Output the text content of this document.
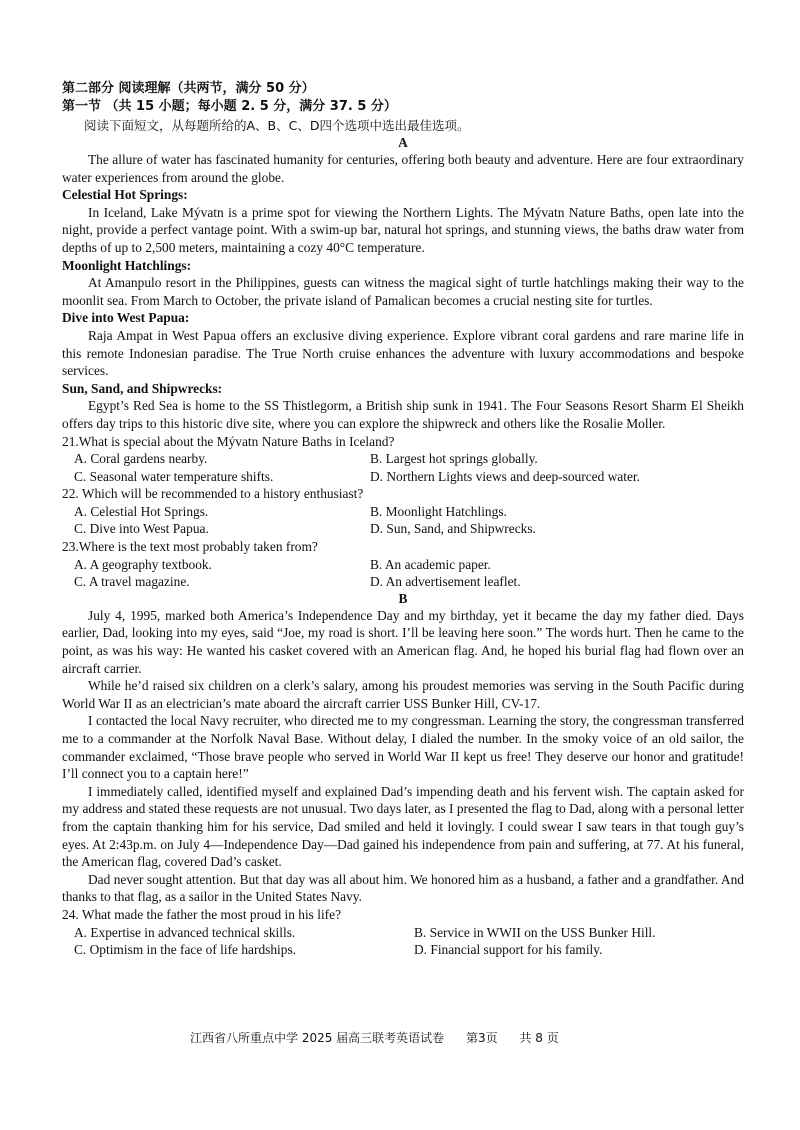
第二部分 阅读理解（共两节，满分 50 分）
第一节 （共 15 小题；每小题 2. 5 分，满分 37. 5 分）
阅读下面短文，从每题所给的A、B、C、D四个选项中选出最佳选项。
A

The allure of water has fascinated humanity for centuries, offering both beauty and adventure. Here are four extraordinary water experiences from around the globe.

Celestial Hot Springs:

In Iceland, Lake Mývatn is a prime spot for viewing the Northern Lights. The Mývatn Nature Baths, open late into the night, provide a perfect vantage point. With a swim-up bar, natural hot springs, and stunning views, the baths draw water from depths of up to 2,500 meters, maintaining a cozy 40°C temperature.

Moonlight Hatchlings:

At Amanpulo resort in the Philippines, guests can witness the magical sight of turtle hatchlings making their way to the moonlit sea. From March to October, the private island of Pamalican becomes a crucial nesting site for turtles.

Dive into West Papua:

Raja Ampat in West Papua offers an exclusive diving experience. Explore vibrant coral gardens and rare marine life in this remote Indonesian paradise. The True North cruise enhances the adventure with luxury accommodations and bespoke services.

Sun, Sand, and Shipwrecks:

Egypt’s Red Sea is home to the SS Thistlegorm, a British ship sunk in 1941. The Four Seasons Resort Sharm El Sheikh offers day trips to this historic dive site, where you can explore the shipwreck and others like the Rosalie Moller.

21.What is special about the Mývatn Nature Baths in Iceland?
A. Coral gardens nearby.	B. Largest hot springs globally.
C. Seasonal water temperature shifts.	D. Northern Lights views and deep-sourced water.
22. Which will be recommended to a history enthusiast?
A. Celestial Hot Springs.	B. Moonlight Hatchlings.
C. Dive into West Papua.	D. Sun, Sand, and Shipwrecks.
23.Where is the text most probably taken from?
A. A geography textbook.	B. An academic paper.
C. A travel magazine.	D. An advertisement leaflet.
B

July 4, 1995, marked both America’s Independence Day and my birthday, yet it became the day my father died. Days earlier, Dad, looking into my eyes, said “Joe, my road is short. I’ll be leaving here soon.” The words hurt. Then he came to the point, as was his way: He wanted his casket covered with an American flag. And, he hoped his burial flag had flown over an aircraft carrier.

While he’d raised six children on a clerk’s salary, among his proudest memories was serving in the South Pacific during World War II as an electrician’s mate aboard the aircraft carrier USS Bunker Hill, CV-17.

I contacted the local Navy recruiter, who directed me to my congressman. Learning the story, the congressman transferred me to a commander at the Norfolk Naval Base. Without delay, I dialed the number. In the smoky voice of an old sailor, the commander exclaimed, “Those brave people who served in World War II kept us free! They deserve our honor and gratitude! I’ll connect you to a captain here!”

I immediately called, identified myself and explained Dad’s impending death and his fervent wish. The captain asked for my address and stated these requests are not unusual. Two days later, as I presented the flag to Dad, along with a personal letter from the captain thanking him for his service, Dad smiled and held it lovingly. I could swear I saw tears in that tough guy’s eyes. At 2:43p.m. on July 4—Independence Day—Dad gained his independence from pain and suffering, at 77. At his funeral, the American flag, covered Dad’s casket.

Dad never sought attention. But that day was all about him. We honored him as a husband, a father and a grandfather. And thanks to that flag, as a sailor in the United States Navy.

24. What made the father the most proud in his life?
A. Expertise in advanced technical skills.	B. Service in WWII on the USS Bunker Hill.
C. Optimism in the face of life hardships.	D. Financial support for his family.
江西省八所重点中学 2025 届高三联考英语试卷 第3页 共 8 页
